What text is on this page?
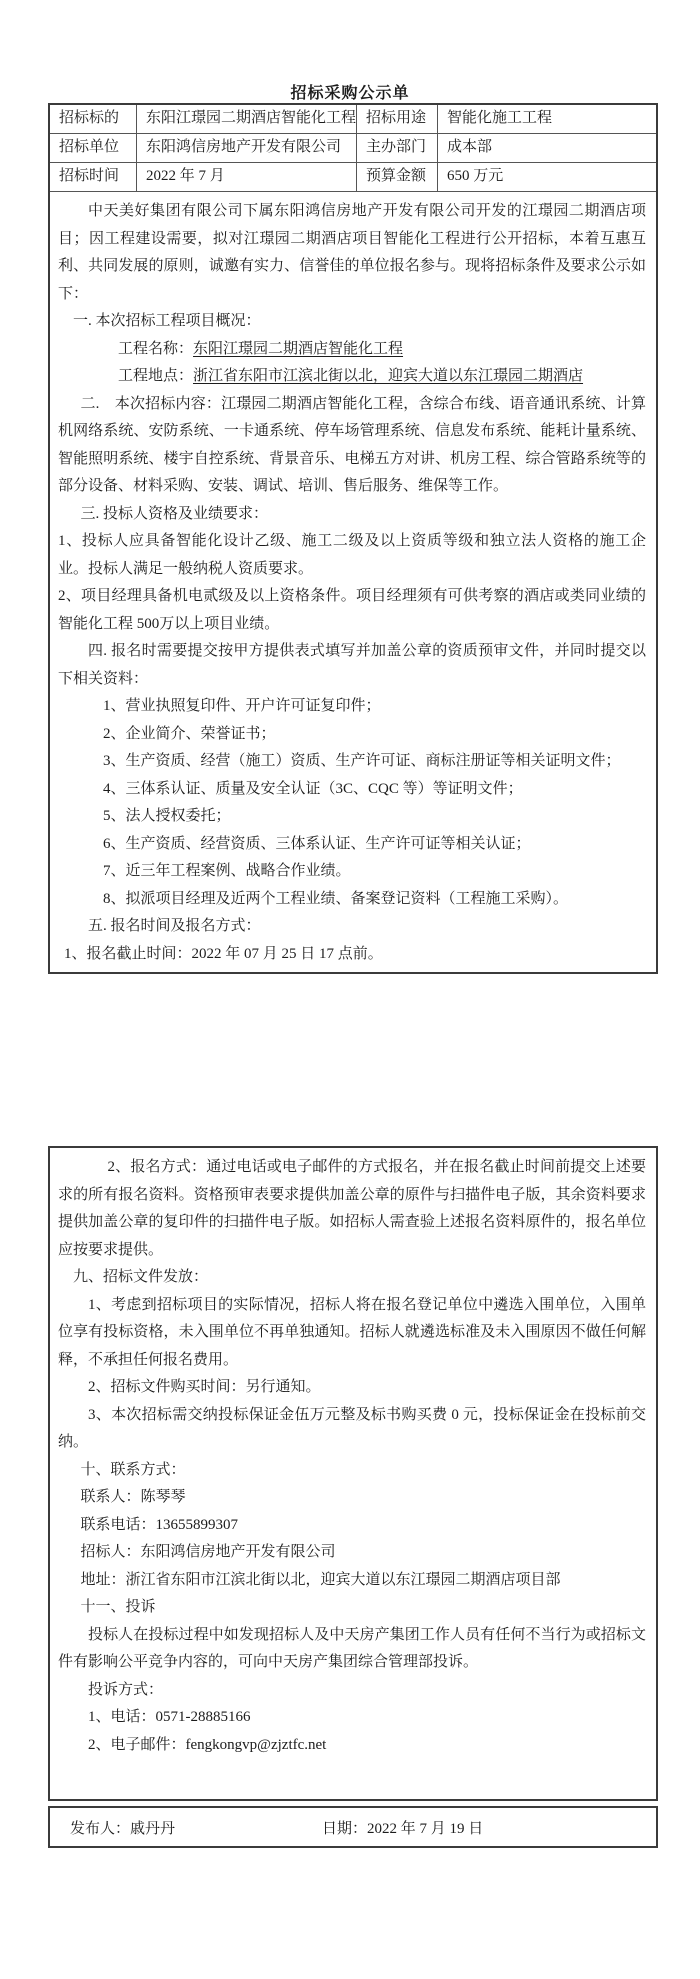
招标采购公示单
招标标的	东阳江璟园二期酒店智能化工程 招标用途	智能化施工工程
招标单位	东阳鸿信房地产开发有限公司	主办部门	成本部
招标时间	2022 年 7 月	预算金额	650 万元

中天美好集团有限公司下属东阳鸿信房地产开发有限公司开发的江璟园二期酒店项目；因工程建设需要，拟对江璟园二期酒店项目智能化工程进行公开招标，本着互惠互利、共同发展的原则，诚邀有实力、信誉佳的单位报名参与。现将招标条件及要求公示如下：

一. 本次招标工程项目概况：

工程名称：东阳江璟园二期酒店智能化工程

工程地点：浙江省东阳市江滨北街以北，迎宾大道以东江璟园二期酒店

二.　本次招标内容：江璟园二期酒店智能化工程，含综合布线、语音通讯系统、计算机网络系统、安防系统、一卡通系统、停车场管理系统、信息发布系统、能耗计量系统、智能照明系统、楼宇自控系统、背景音乐、电梯五方对讲、机房工程、综合管路系统等的部分设备、材料采购、安装、调试、培训、售后服务、维保等工作。

三. 投标人资格及业绩要求：

1、投标人应具备智能化设计乙级、施工二级及以上资质等级和独立法人资格的施工企业。投标人满足一般纳税人资质要求。

2、项目经理具备机电贰级及以上资格条件。项目经理须有可供考察的酒店或类同业绩的智能化工程 500万以上项目业绩。

四. 报名时需要提交按甲方提供表式填写并加盖公章的资质预审文件，并同时提交以下相关资料：

1、营业执照复印件、开户许可证复印件；

2、企业简介、荣誉证书；

3、生产资质、经营（施工）资质、生产许可证、商标注册证等相关证明文件；

4、三体系认证、质量及安全认证（3C、CQC 等）等证明文件；

5、法人授权委托；

6、生产资质、经营资质、三体系认证、生产许可证等相关认证；

7、近三年工程案例、战略合作业绩。

8、拟派项目经理及近两个工程业绩、备案登记资料（工程施工采购）。

五. 报名时间及报名方式：

1、报名截止时间：2022 年 07 月 25 日 17 点前。

2、报名方式：通过电话或电子邮件的方式报名，并在报名截止时间前提交上述要求的所有报名资料。资格预审表要求提供加盖公章的原件与扫描件电子版，其余资料要求提供加盖公章的复印件的扫描件电子版。如招标人需查验上述报名资料原件的，报名单位应按要求提供。

九、招标文件发放：

1、考虑到招标项目的实际情况，招标人将在报名登记单位中遴选入围单位，入围单位享有投标资格，未入围单位不再单独通知。招标人就遴选标准及未入围原因不做任何解释，不承担任何报名费用。

2、招标文件购买时间：另行通知。

3、本次招标需交纳投标保证金伍万元整及标书购买费 0 元，投标保证金在投标前交纳。

十、联系方式：

联系人：陈琴琴

联系电话：13655899307

招标人：东阳鸿信房地产开发有限公司

地址：浙江省东阳市江滨北街以北，迎宾大道以东江璟园二期酒店项目部

十一、投诉

投标人在投标过程中如发现招标人及中天房产集团工作人员有任何不当行为或招标文件有影响公平竞争内容的，可向中天房产集团综合管理部投诉。

投诉方式：

1、电话：0571-28885166

2、电子邮件：fengkongvp@zjztfc.net

发布人：戚丹丹	日期：2022 年 7 月 19 日
